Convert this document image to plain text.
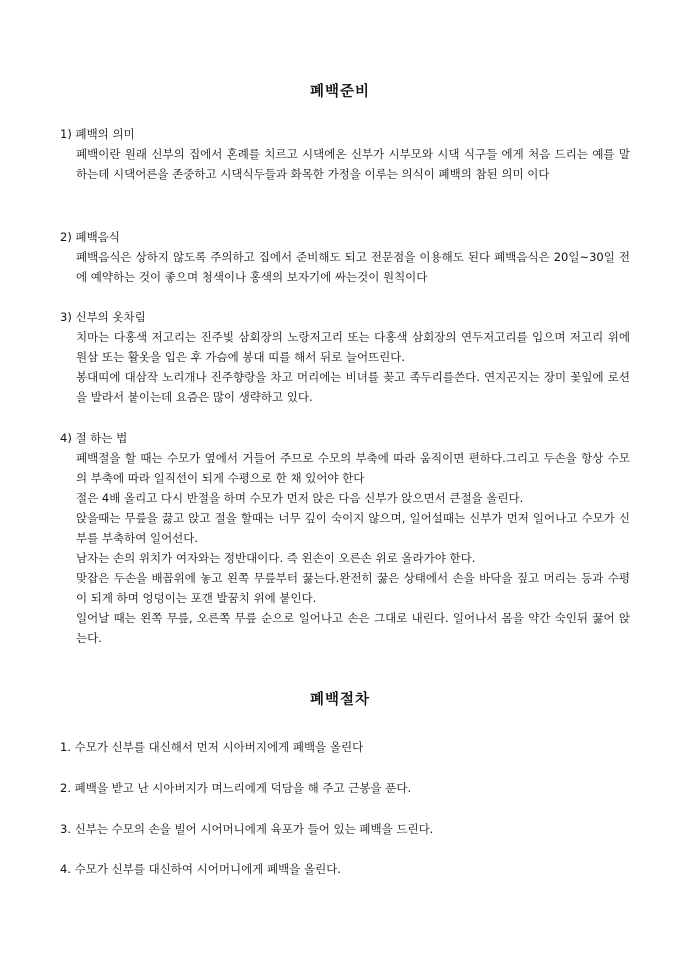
폐백준비
1) 폐백의 의미

폐백이란 원래 신부의 집에서 혼례를 치르고 시댁에온 신부가 시부모와 시댁 식구들 에게 처음 드리는 예를 말하는데 시댁어른을 존중하고 시댁식두들과 화목한 가정을 이루는 의식이 폐백의 참된 의미 이다

2) 폐백음식

폐백음식은 상하지 않도록 주의하고 집에서 준비해도 되고 전문점을 이용해도 된다 폐백음식은 20일~30일 전에 예약하는 것이 좋으며 청색이나 홍색의 보자기에 싸는것이 원칙이다

3) 신부의 옷차림

치마는 다홍색 저고리는 진주빛 삼회장의 노랑저고리 또는 다홍색 삼회장의 연두저고리를 입으며 저고리 위에 원삼 또는 활옷을 입은 후 가슴에 봉대 띠를 해서 뒤로 늘어뜨린다.

봉대띠에 대삼작 노리개나 진주향랑을 차고 머리에는 비녀를 꽂고 족두리를쓴다. 연지곤지는 장미 꽃잎에 로션을 발라서 붙이는데 요즘은 많이 생략하고 있다.

4) 절 하는 법

폐백절을 할 때는 수모가 옆에서 거들어 주므로 수모의 부축에 따라 움직이면 편하다.그리고 두손을 항상 수모의 부축에 따라 일직선이 되게 수평으로 한 채 있어야 한다

절은 4배 올리고 다시 반절을 하며 수모가 먼저 앉은 다음 신부가 앉으면서 큰절을 올린다.

앉을때는 무릎을 끓고 앉고 절을 할때는 너무 깊이 숙이지 않으며, 일어설때는 신부가 먼저 일어나고 수모가 신부를 부축하여 일어선다.

남자는 손의 위치가 여자와는 정반대이다. 즉 왼손이 오른손 위로 올라가야 한다.

맞잡은 두손을 배꼽위에 놓고 왼쪽 무릎부터 꿇는다.완전히 꿇은 상태에서 손을 바닥을 짚고 머리는 등과 수평이 되게 하며 엉덩이는 포갠 발꿈치 위에 붙인다.

일어날 때는 왼쪽 무릎, 오른쪽 무릎 순으로 일어나고 손은 그대로 내린다. 일어나서 몸을 약간 숙인뒤 꿇어 앉는다.

폐백절차
1. 수모가 신부를 대신해서 먼저 시아버지에게 폐백을 올린다
2. 폐백을 받고 난 시아버지가 며느리에게 덕담을 해 주고 근봉을 푼다.
3. 신부는 수모의 손을 빌어 시어머니에게 육포가 들어 있는 폐백을 드린다.
4. 수모가 신부를 대신하여 시어머니에게 폐백을 올린다.
